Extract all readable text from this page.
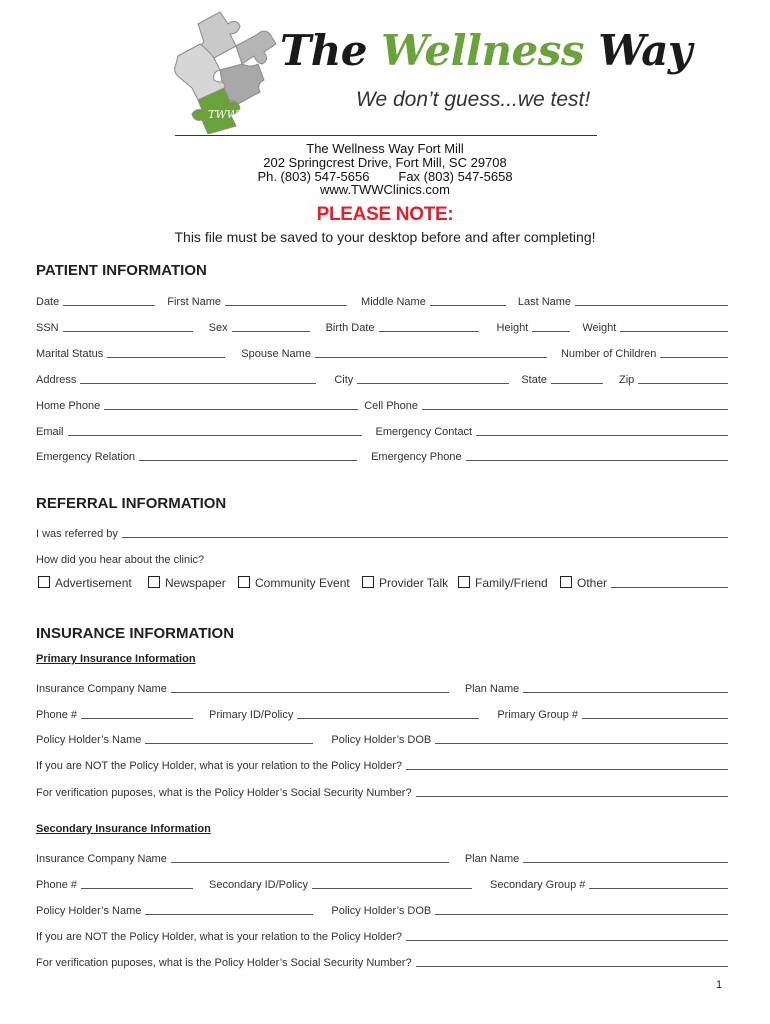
TWW
The Wellness Way
We don’t guess...we test!
The Wellness Way Fort Mill
202 Springcrest Drive, Fort Mill, SC 29708
Ph. (803) 547-5656 Fax (803) 547-5658
www.TWWClinics.com
PLEASE NOTE:
This file must be saved to your desktop before and after completing!
PATIENT INFORMATION
Date	First Name	Middle Name	Last Name
SSN	Sex	Birth Date	Height	Weight
Marital Status	Spouse Name	Number of Children
Address	City	State	Zip
Home Phone	Cell Phone
Email	Emergency Contact
Emergency Relation	Emergency Phone
REFERRAL INFORMATION
I was referred by
How did you hear about the clinic?
Advertisement	Newspaper Community Event Provider Talk Family/Friend Other
INSURANCE INFORMATION
Primary Insurance Information
Insurance Company Name	Plan Name
Phone #	Primary ID/Policy	Primary Group #
Policy Holder’s Name	Policy Holder’s DOB
If you are NOT the Policy Holder, what is your relation to the Policy Holder?
For verification puposes, what is the Policy Holder’s Social Security Number?
Secondary Insurance Information
Insurance Company Name	Plan Name
Phone #	Secondary ID/Policy	Secondary Group #
Policy Holder’s Name	Policy Holder’s DOB
If you are NOT the Policy Holder, what is your relation to the Policy Holder?
For verification puposes, what is the Policy Holder’s Social Security Number?
1
